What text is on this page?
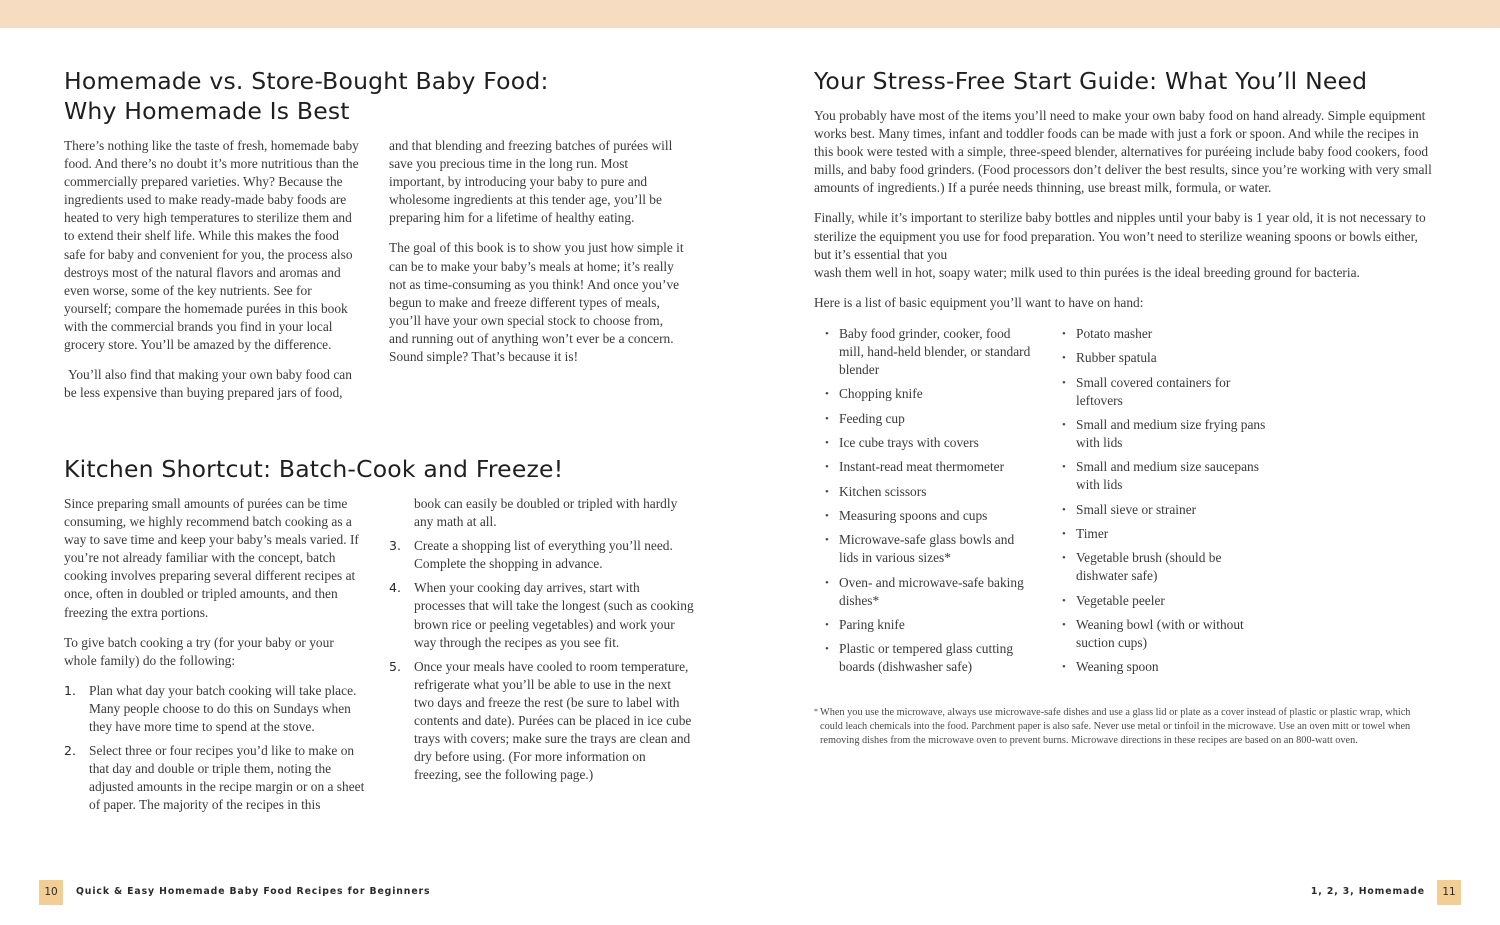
Homemade vs. Store-Bought Baby Food:
Why Homemade Is Best

There’s nothing like the taste of fresh, homemade baby food. And there’s no doubt it’s more nutritious than the commercially prepared varieties. Why? Because the ingredients used to make ready-made baby foods are heated to very high temperatures to sterilize them and to extend their shelf life. While this makes the food safe for baby and convenient for you, the process also destroys most of the natural flavors and aromas and even worse, some of the key nutrients. See for yourself; compare the homemade purées in this book with the commercial brands you find in your local grocery store. You’ll be amazed by the difference.

You’ll also find that making your own baby food can be less expensive than buying prepared jars of food,

and that blending and freezing batches of purées will save you precious time in the long run. Most important, by introducing your baby to pure and wholesome ingredients at this tender age, you’ll be preparing him for a lifetime of healthy eating.

The goal of this book is to show you just how simple it can be to make your baby’s meals at home; it’s really not as time-consuming as you think! And once you’ve begun to make and freeze different types of meals, you’ll have your own special stock to choose from, and running out of anything won’t ever be a concern. Sound simple? That’s because it is!

Kitchen Shortcut: Batch-Cook and Freeze!

Since preparing small amounts of purées can be time consuming, we highly recommend batch cooking as a way to save time and keep your baby’s meals varied. If you’re not already familiar with the concept, batch cooking involves preparing several different recipes at once, often in doubled or tripled amounts, and then freezing the extra portions.

To give batch cooking a try (for your baby or your whole family) do the following:

1. Plan what day your batch cooking will take place. Many people choose to do this on Sundays when they have more time to spend at the stove.
2. Select three or four recipes you’d like to make on that day and double or triple them, noting the adjusted amounts in the recipe margin or on a sheet of paper. The majority of the recipes in this
book can easily be doubled or tripled with hardly any math at all.
3. Create a shopping list of everything you’ll need. Complete the shopping in advance.
4. When your cooking day arrives, start with processes that will take the longest (such as cooking brown rice or peeling vegetables) and work your way through the recipes as you see fit.
5. Once your meals have cooled to room temperature, refrigerate what you’ll be able to use in the next two days and freeze the rest (be sure to label with contents and date). Purées can be placed in ice cube trays with covers; make sure the trays are clean and dry before using. (For more information on freezing, see the following page.)
Your Stress-Free Start Guide: What You’ll Need

You probably have most of the items you’ll need to make your own baby food on hand already. Simple equipment works best. Many times, infant and toddler foods can be made with just a fork or spoon. And while the recipes in this book were tested with a simple, three-speed blender, alternatives for puréeing include baby food cookers, food mills, and baby food grinders. (Food processors don’t deliver the best results, since you’re working with very small amounts of ingredients.) If a purée needs thinning, use breast milk, formula, or water.

Finally, while it’s important to sterilize baby bottles and nipples until your baby is 1 year old, it is not necessary to sterilize the equipment you use for food preparation. You won’t need to sterilize weaning spoons or bowls either, but it’s essential that you
wash them well in hot, soapy water; milk used to thin purées is the ideal breeding ground for bacteria.

Here is a list of basic equipment you’ll want to have on hand:

• Baby food grinder, cooker, food mill, hand-held blender, or standard blender
• Chopping knife
• Feeding cup
• Ice cube trays with covers
• Instant-read meat thermometer
• Kitchen scissors
• Measuring spoons and cups
• Microwave-safe glass bowls and lids in various sizes*
• Oven- and microwave-safe baking dishes*
• Paring knife
• Plastic or tempered glass cutting boards (dishwasher safe)
• Potato masher
• Rubber spatula
• Small covered containers for leftovers
• Small and medium size frying pans with lids
• Small and medium size saucepans with lids
• Small sieve or strainer
• Timer
• Vegetable brush (should be dishwater safe)
• Vegetable peeler
• Weaning bowl (with or without suction cups)
• Weaning spoon
* When you use the microwave, always use microwave-safe dishes and use a glass lid or plate as a cover instead of plastic or plastic wrap, which could leach chemicals into the food. Parchment paper is also safe. Never use metal or tinfoil in the microwave. Use an oven mitt or towel when removing dishes from the microwave oven to prevent burns. Microwave directions in these recipes are based on an 800-watt oven.
10	Quick & Easy Homemade Baby Food Recipes for Beginners	1, 2, 3, Homemade	11
